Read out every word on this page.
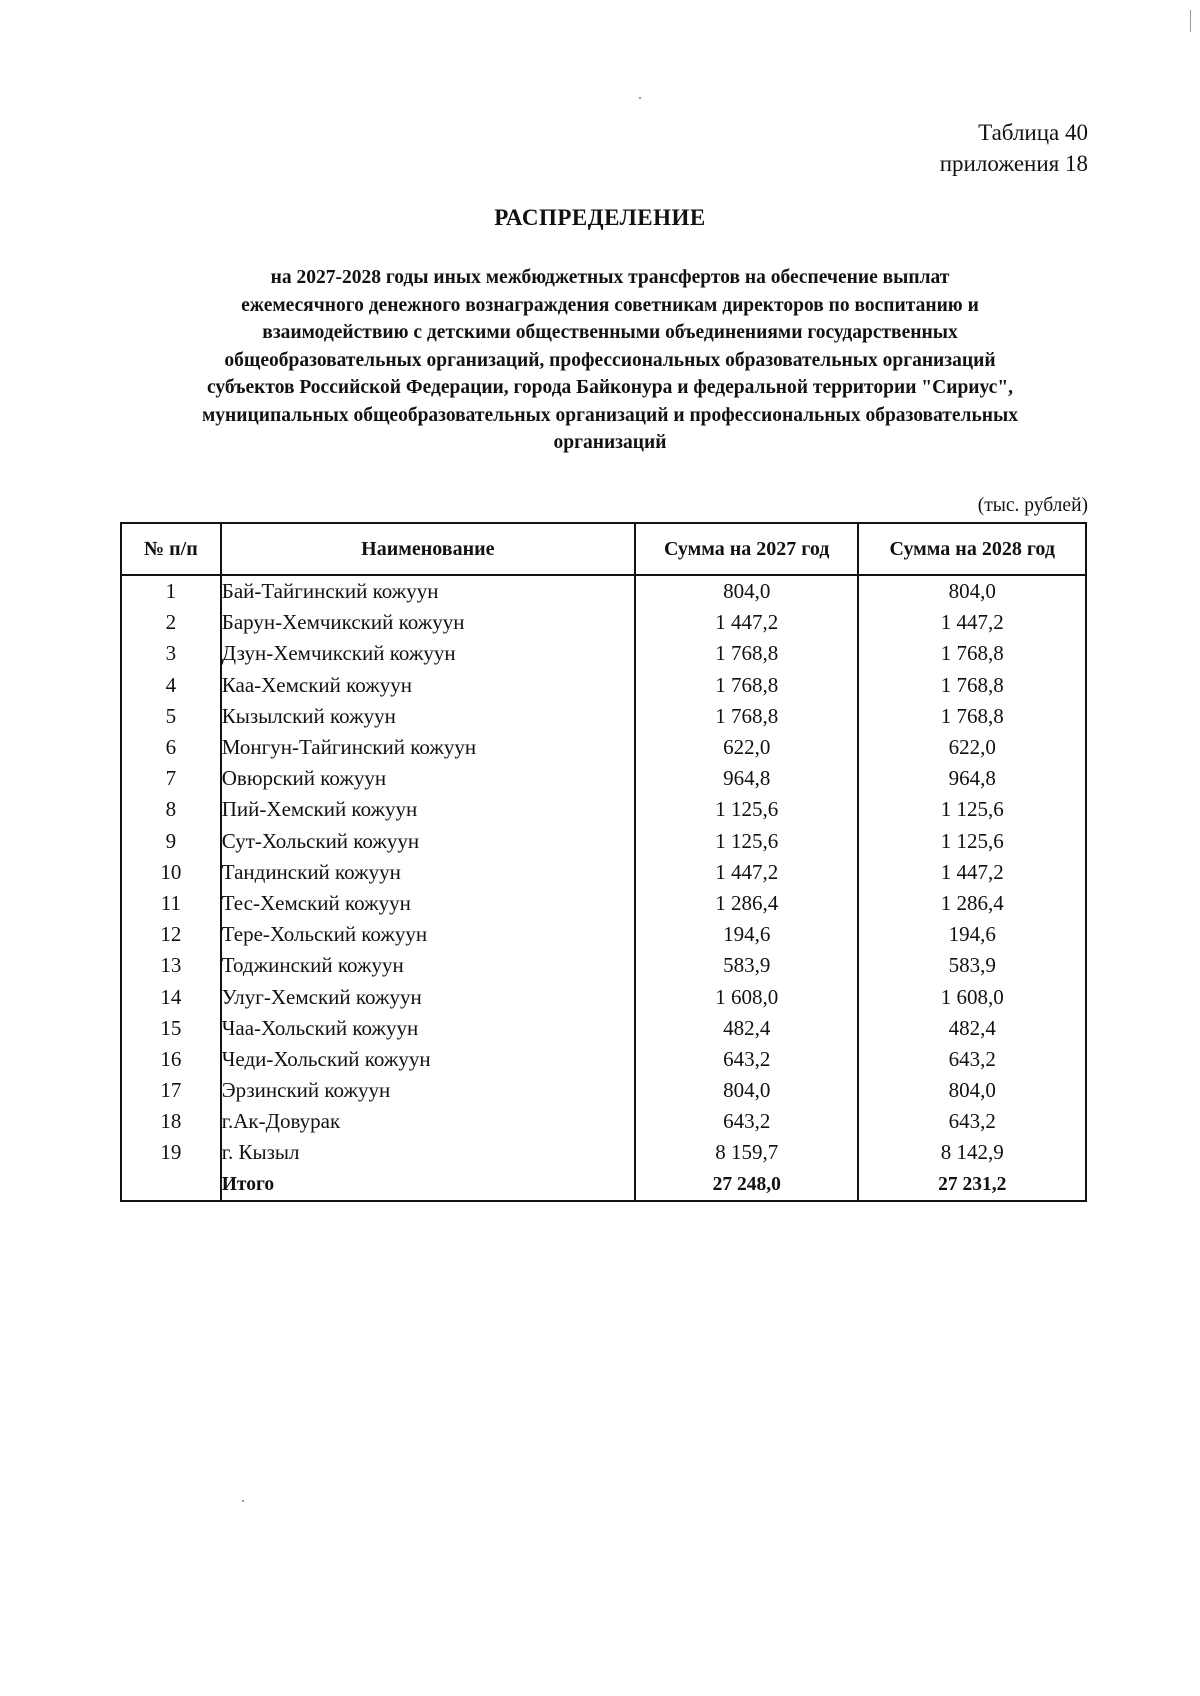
Таблица 40
приложения 18
РАСПРЕДЕЛЕНИЕ
на 2027-2028 годы иных межбюджетных трансфертов на обеспечение выплат
ежемесячного денежного вознаграждения советникам директоров по воспитанию и
взаимодействию с детскими общественными объединениями государственных
общеобразовательных организаций, профессиональных образовательных организаций
субъектов Российской Федерации, города Байконура и федеральной территории "Сириус",
муниципальных общеобразовательных организаций и профессиональных образовательных
организаций
(тыс. рублей)
№ п/п	Наименование	Сумма на 2027 год	Сумма на 2028 год
1	Бай-Тайгинский кожуун	804,0	804,0
2	Барун-Хемчикский кожуун	1 447,2	1 447,2
3	Дзун-Хемчикский кожуун	1 768,8	1 768,8
4	Каа-Хемский кожуун	1 768,8	1 768,8
5	Кызылский кожуун	1 768,8	1 768,8
6	Монгун-Тайгинский кожуун	622,0	622,0
7	Овюрский кожуун	964,8	964,8
8	Пий-Хемский кожуун	1 125,6	1 125,6
9	Сут-Хольский кожуун	1 125,6	1 125,6
10	Тандинский кожуун	1 447,2	1 447,2
11	Тес-Хемский кожуун	1 286,4	1 286,4
12	Тере-Хольский кожуун	194,6	194,6
13	Тоджинский кожуун	583,9	583,9
14	Улуг-Хемский кожуун	1 608,0	1 608,0
15	Чаа-Хольский кожуун	482,4	482,4
16	Чеди-Хольский кожуун	643,2	643,2
17	Эрзинский кожуун	804,0	804,0
18	г.Ак-Довурак	643,2	643,2
19	г. Кызыл	8 159,7	8 142,9
	Итого	27 248,0	27 231,2
